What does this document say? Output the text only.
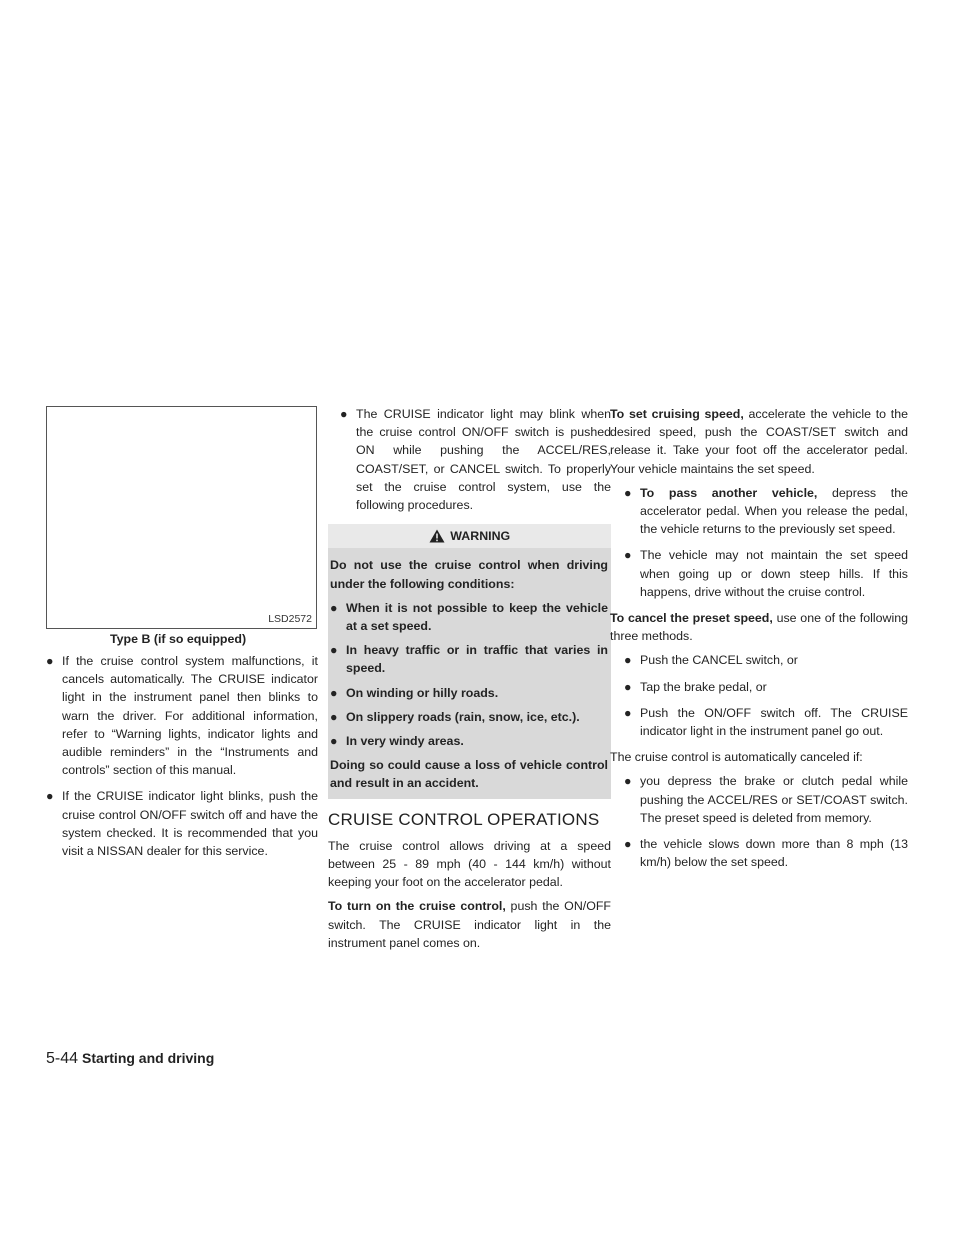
LSD2572
Type B (if so equipped)
● If the cruise control system malfunctions, it cancels automatically. The CRUISE indicator light in the instrument panel then blinks to warn the driver. For additional information, refer to “Warning lights, indicator lights and audible reminders” in the “Instruments and controls” section of this manual.
● If the CRUISE indicator light blinks, push the cruise control ON/OFF switch off and have the system checked. It is recommended that you visit a NISSAN dealer for this service.
● The CRUISE indicator light may blink when the cruise control ON/OFF switch is pushed ON while pushing the ACCEL/RES, COAST/SET, or CANCEL switch. To properly set the cruise control system, use the following procedures.
WARNING

Do not use the cruise control when driving under the following conditions:

● When it is not possible to keep the vehicle at a set speed.
● In heavy traffic or in traffic that varies in speed.
● On winding or hilly roads.
● On slippery roads (rain, snow, ice, etc.).
● In very windy areas.

Doing so could cause a loss of vehicle control and result in an accident.

CRUISE CONTROL OPERATIONS

The cruise control allows driving at a speed between 25 - 89 mph (40 - 144 km/h) without keeping your foot on the accelerator pedal.

To turn on the cruise control, push the ON/OFF switch. The CRUISE indicator light in the instrument panel comes on.

To set cruising speed, accelerate the vehicle to the desired speed, push the COAST/SET switch and release it. Take your foot off the accelerator pedal. Your vehicle maintains the set speed.

● To pass another vehicle, depress the accelerator pedal. When you release the pedal, the vehicle returns to the previously set speed.
● The vehicle may not maintain the set speed when going up or down steep hills. If this happens, drive without the cruise control.

To cancel the preset speed, use one of the following three methods.

● Push the CANCEL switch, or
● Tap the brake pedal, or
● Push the ON/OFF switch off. The CRUISE indicator light in the instrument panel go out.

The cruise control is automatically canceled if:

● you depress the brake or clutch pedal while pushing the ACCEL/RES or SET/COAST switch. The preset speed is deleted from memory.
● the vehicle slows down more than 8 mph (13 km/h) below the set speed.
5-44 Starting and driving
